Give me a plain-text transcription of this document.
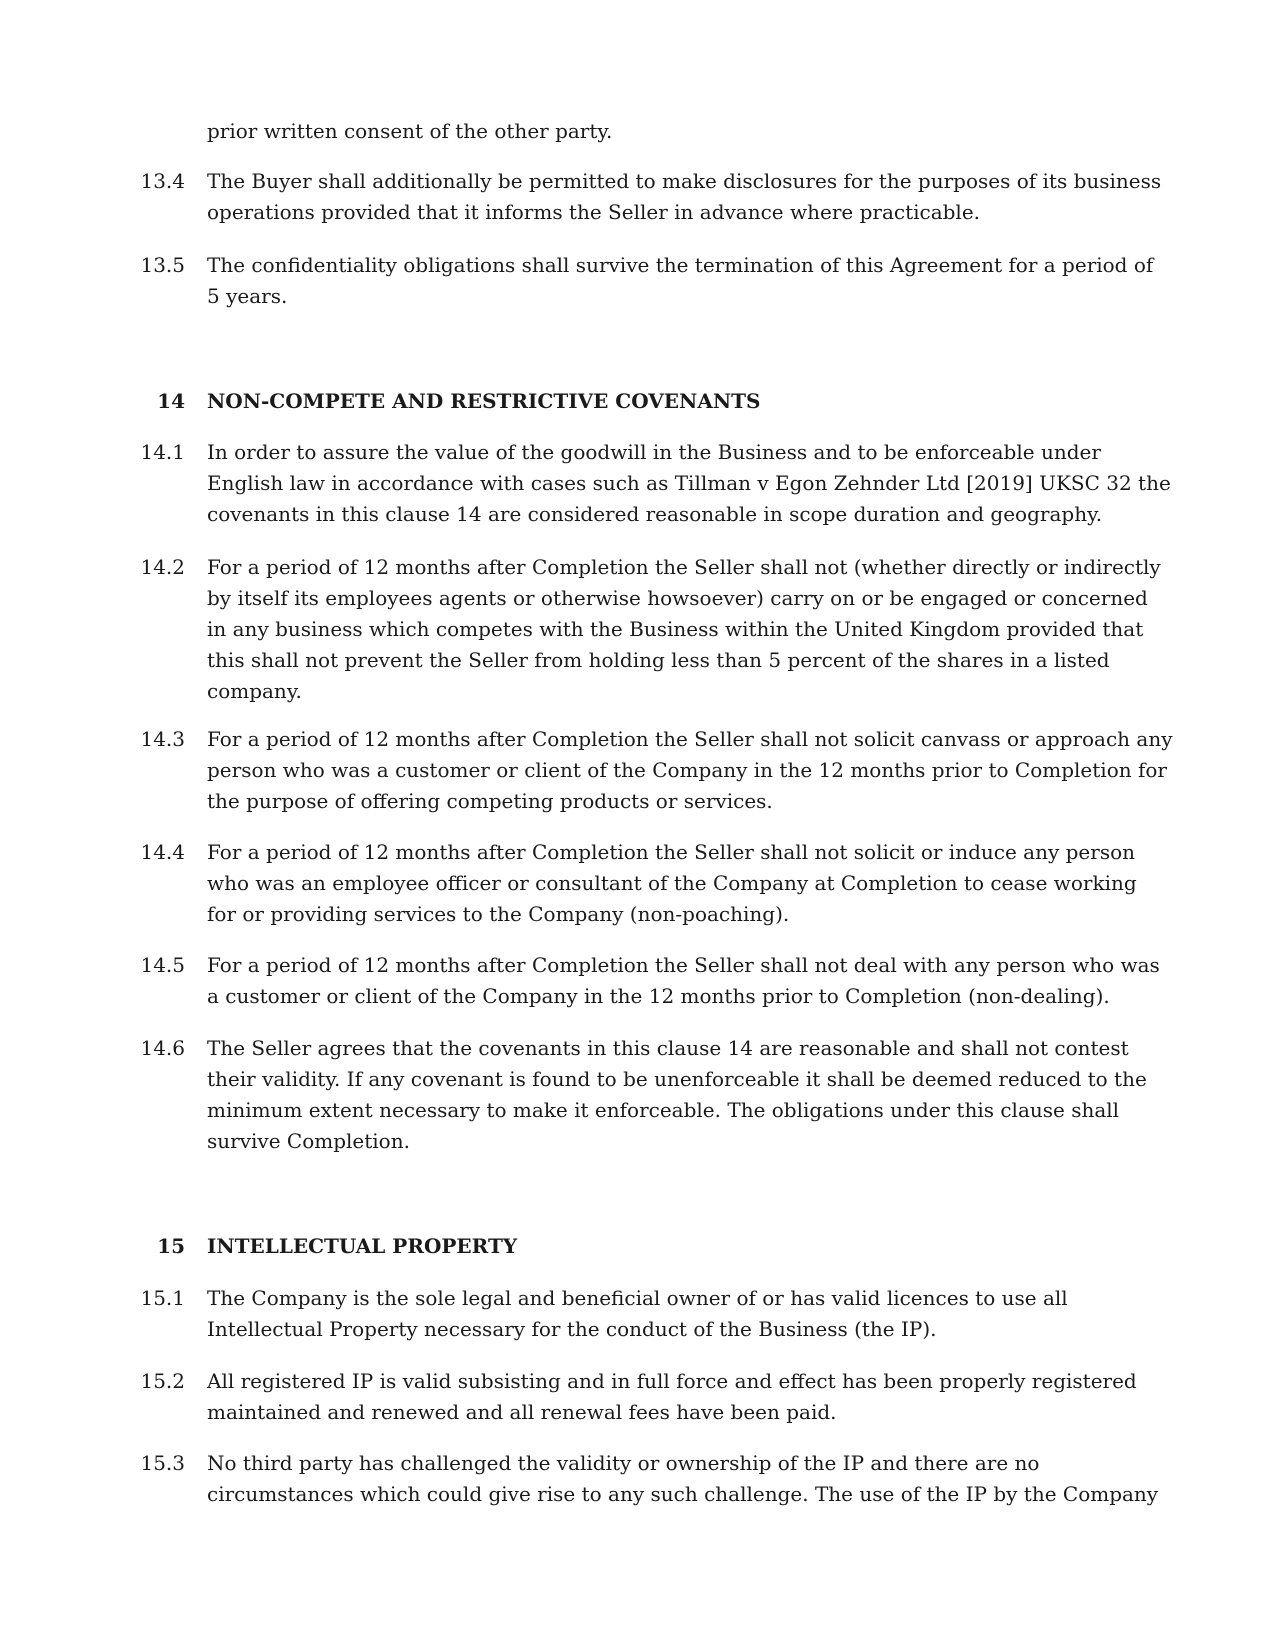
prior written consent of the other party.
13.4 The Buyer shall additionally be permitted to make disclosures for the purposes of its business
operations provided that it informs the Seller in advance where practicable.
13.5 The confidentiality obligations shall survive the termination of this Agreement for a period of
5 years.
14 NON-COMPETE AND RESTRICTIVE COVENANTS
14.1 In order to assure the value of the goodwill in the Business and to be enforceable under
English law in accordance with cases such as Tillman v Egon Zehnder Ltd [2019] UKSC 32 the
covenants in this clause 14 are considered reasonable in scope duration and geography.
14.2 For a period of 12 months after Completion the Seller shall not (whether directly or indirectly
by itself its employees agents or otherwise howsoever) carry on or be engaged or concerned
in any business which competes with the Business within the United Kingdom provided that
this shall not prevent the Seller from holding less than 5 percent of the shares in a listed
company.
14.3 For a period of 12 months after Completion the Seller shall not solicit canvass or approach any
person who was a customer or client of the Company in the 12 months prior to Completion for
the purpose of offering competing products or services.
14.4 For a period of 12 months after Completion the Seller shall not solicit or induce any person
who was an employee officer or consultant of the Company at Completion to cease working
for or providing services to the Company (non-poaching).
14.5 For a period of 12 months after Completion the Seller shall not deal with any person who was
a customer or client of the Company in the 12 months prior to Completion (non-dealing).
14.6 The Seller agrees that the covenants in this clause 14 are reasonable and shall not contest
their validity. If any covenant is found to be unenforceable it shall be deemed reduced to the
minimum extent necessary to make it enforceable. The obligations under this clause shall
survive Completion.
15 INTELLECTUAL PROPERTY
15.1 The Company is the sole legal and beneficial owner of or has valid licences to use all
Intellectual Property necessary for the conduct of the Business (the IP).
15.2 All registered IP is valid subsisting and in full force and effect has been properly registered
maintained and renewed and all renewal fees have been paid.
15.3 No third party has challenged the validity or ownership of the IP and there are no
circumstances which could give rise to any such challenge. The use of the IP by the Company
